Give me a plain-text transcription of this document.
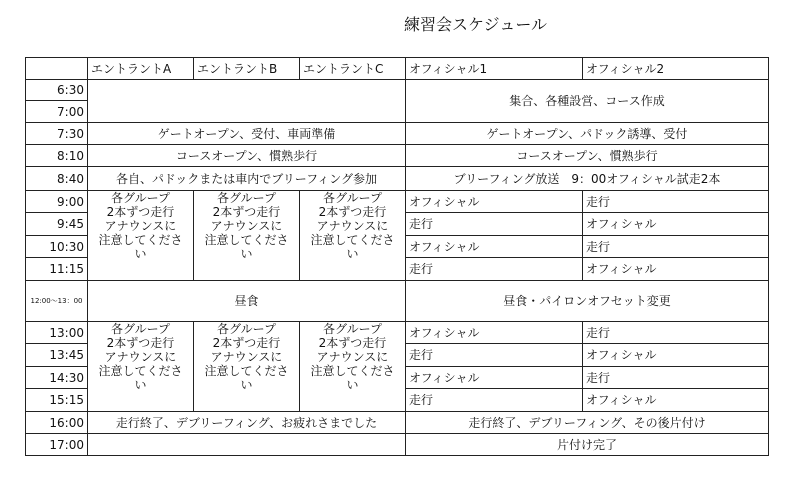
練習会スケジュール
	エントラントA	エントラントB	エントラントC	オフィシャル1	オフィシャル2
6:30				集合、各種設営、コース作成	
7:00					
7:30	ゲートオープン、受付、車両準備			ゲートオープン、パドック誘導、受付	
8:10	コースオープン、慣熟歩行			コースオープン、慣熟歩行	
8:40	各自、パドックまたは車内でブリーフィング参加			ブリーフィング放送　9：00オフィシャル試走2本	
9:00	各グループ
2本ずつ走行
アナウンスに
注意してくださ
い	各グループ
2本ずつ走行
アナウンスに
注意してくださ
い	各グループ
2本ずつ走行
アナウンスに
注意してくださ
い	オフィシャル	走行
9:45				走行	オフィシャル
10:30				オフィシャル	走行
11:15				走行	オフィシャル
12:00〜13：00	昼食			昼食・パイロンオフセット変更	
13:00	各グループ
2本ずつ走行
アナウンスに
注意してくださ
い	各グループ
2本ずつ走行
アナウンスに
注意してくださ
い	各グループ
2本ずつ走行
アナウンスに
注意してくださ
い	オフィシャル	走行
13:45				走行	オフィシャル
14:30				オフィシャル	走行
15:15				走行	オフィシャル
16:00	走行終了、デブリーフィング、お疲れさまでした			走行終了、デブリーフィング、その後片付け	
17:00				片付け完了	
